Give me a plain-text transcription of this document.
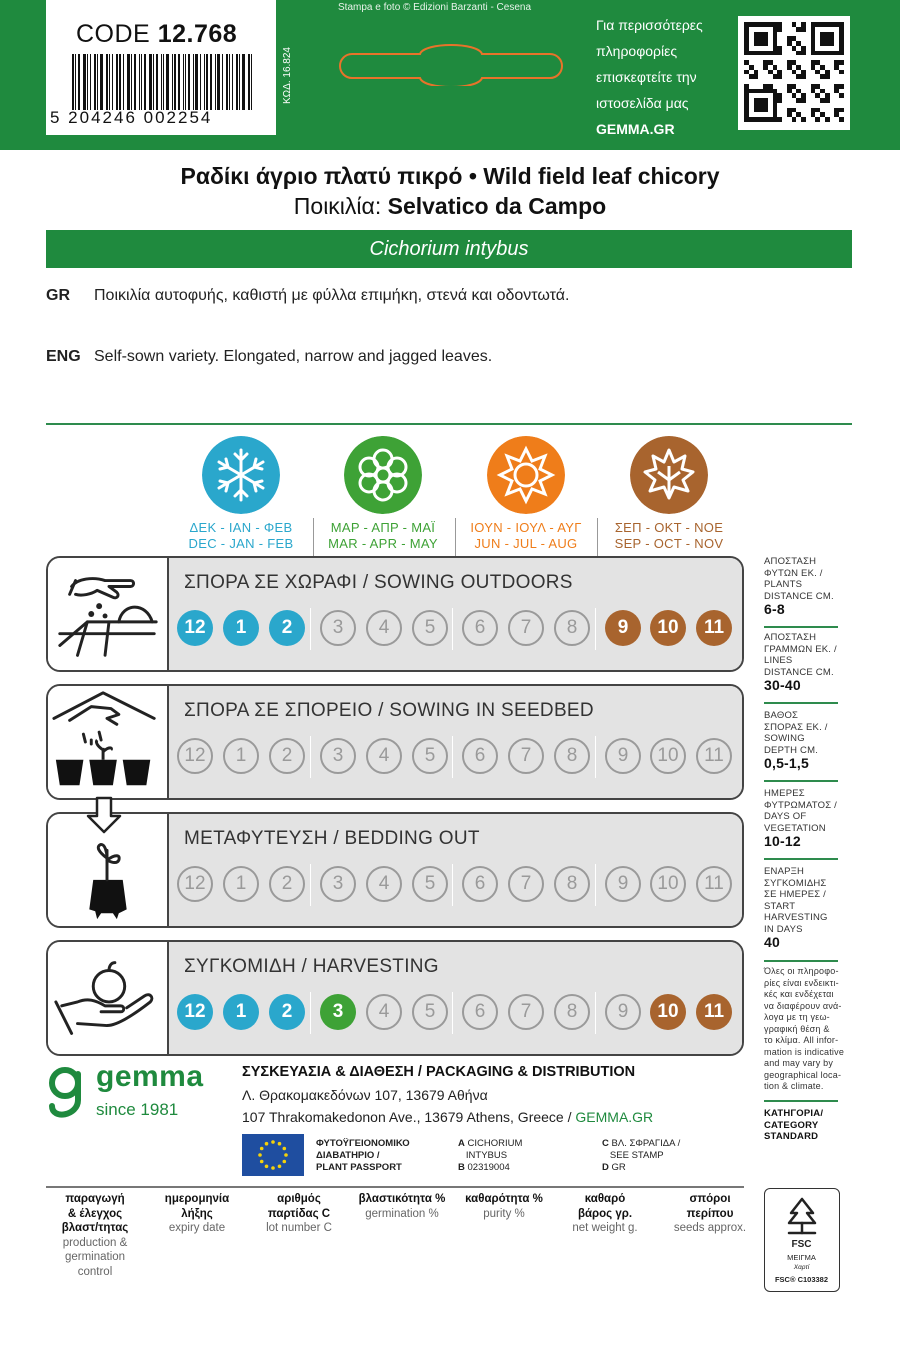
CODE 12.768
5 204246 002254
ΚΩΔ. 16.824
Stampa e foto © Edizioni Barzanti - Cesena
Για περισσότερες
πληροφορίες
επισκεφτείτε την
ιστοσελίδα μας
GEMMA.GR
Ραδίκι άγριο πλατύ πικρό • Wild field leaf chicory
Ποικιλία: Selvatico da Campo
Cichorium intybus
GR Ποικιλία αυτοφυής, καθιστή με φύλλα επιμήκη, στενά και οδοντωτά.
ENG Self-sown variety. Elongated, narrow and jagged leaves.
ΔΕΚ - ΙΑΝ - ΦΕΒ
DEC - JAN - FEB
ΜΑΡ - ΑΠΡ - ΜΑΪ
MAR - APR - MAY
ΙΟΥΝ - ΙΟΥΛ - ΑΥΓ
JUN - JUL - AUG
ΣΕΠ - ΟΚΤ - ΝΟΕ
SEP - OCT - NOV
ΣΠΟΡΑ ΣΕ ΧΩΡΑΦΙ / SOWING OUTDOORS
12	1	2	3	4	5	6	7	8	9	10	11
ΣΠΟΡΑ ΣΕ ΣΠΟΡΕΙΟ / SOWING IN SEEDBED
12	1	2	3	4	5	6	7	8	9	10	11
ΜΕΤΑΦΥΤΕΥΣΗ / BEDDING OUT
12	1	2	3	4	5	6	7	8	9	10	11
ΣΥΓΚΟΜΙΔΗ / HARVESTING
12	1	2	3	4	5	6	7	8	9	10	11
ΑΠΟΣΤΑΣΗ
ΦΥΤΩΝ ΕΚ. /
PLANTS
DISTANCE CM.
6-8
ΑΠΟΣΤΑΣΗ
ΓΡΑΜΜΩΝ ΕΚ. /
LINES
DISTANCE CM.
30-40
ΒΑΘΟΣ
ΣΠΟΡΑΣ ΕΚ. /
SOWING
DEPTH CM.
0,5-1,5
ΗΜΕΡΕΣ
ΦΥΤΡΩΜΑΤΟΣ /
DAYS OF
VEGETATION
10-12
ΕΝΑΡΞΗ
ΣΥΓΚΟΜΙΔΗΣ
ΣΕ ΗΜΕΡΕΣ /
START
HARVESTING
IN DAYS
40
Όλες οι πληροφο-
ρίες είναι ενδεικτι-
κές και ενδέχεται
να διαφέρουν ανά-
λογα με τη γεω-
γραφική θέση &
το κλίμα. All infor-
mation is indicative
and may vary by
geographical loca-
tion & climate.
ΚΑΤΗΓΟΡΙΑ/
CATEGORY
STANDARD
gemma
since 1981
ΣΥΣΚΕΥΑΣΙΑ & ΔΙΑΘΕΣΗ / PACKAGING & DISTRIBUTION
Λ. Θρακομακεδόνων 107, 13679 Αθήνα
107 Thrakomakedonon Ave., 13679 Athens, Greece / GEMMA.GR
ΦΥΤΟΫΓΕΙΟΝΟΜΙΚΟ
ΔΙΑΒΑΤΗΡΙΟ /
PLANT PASSPORT
A CICHORIUM
INTYBUS
B 02319004
C ΒΛ. ΣΦΡΑΓΙΔΑ /
SEE STAMP
D GR
παραγωγή
& έλεγχος
βλαστ/τητας
production &
germination
control
ημερομηνία
λήξης
expiry date
αριθμός
παρτίδας C
lot number C
βλαστικότητα %
germination %
καθαρότητα %
purity %
καθαρό
βάρος γρ.
net weight g.
σπόροι
περίπου
seeds approx.
FSC
ΜΕΙΓΜΑ
Χαρτί
FSC® C103382
